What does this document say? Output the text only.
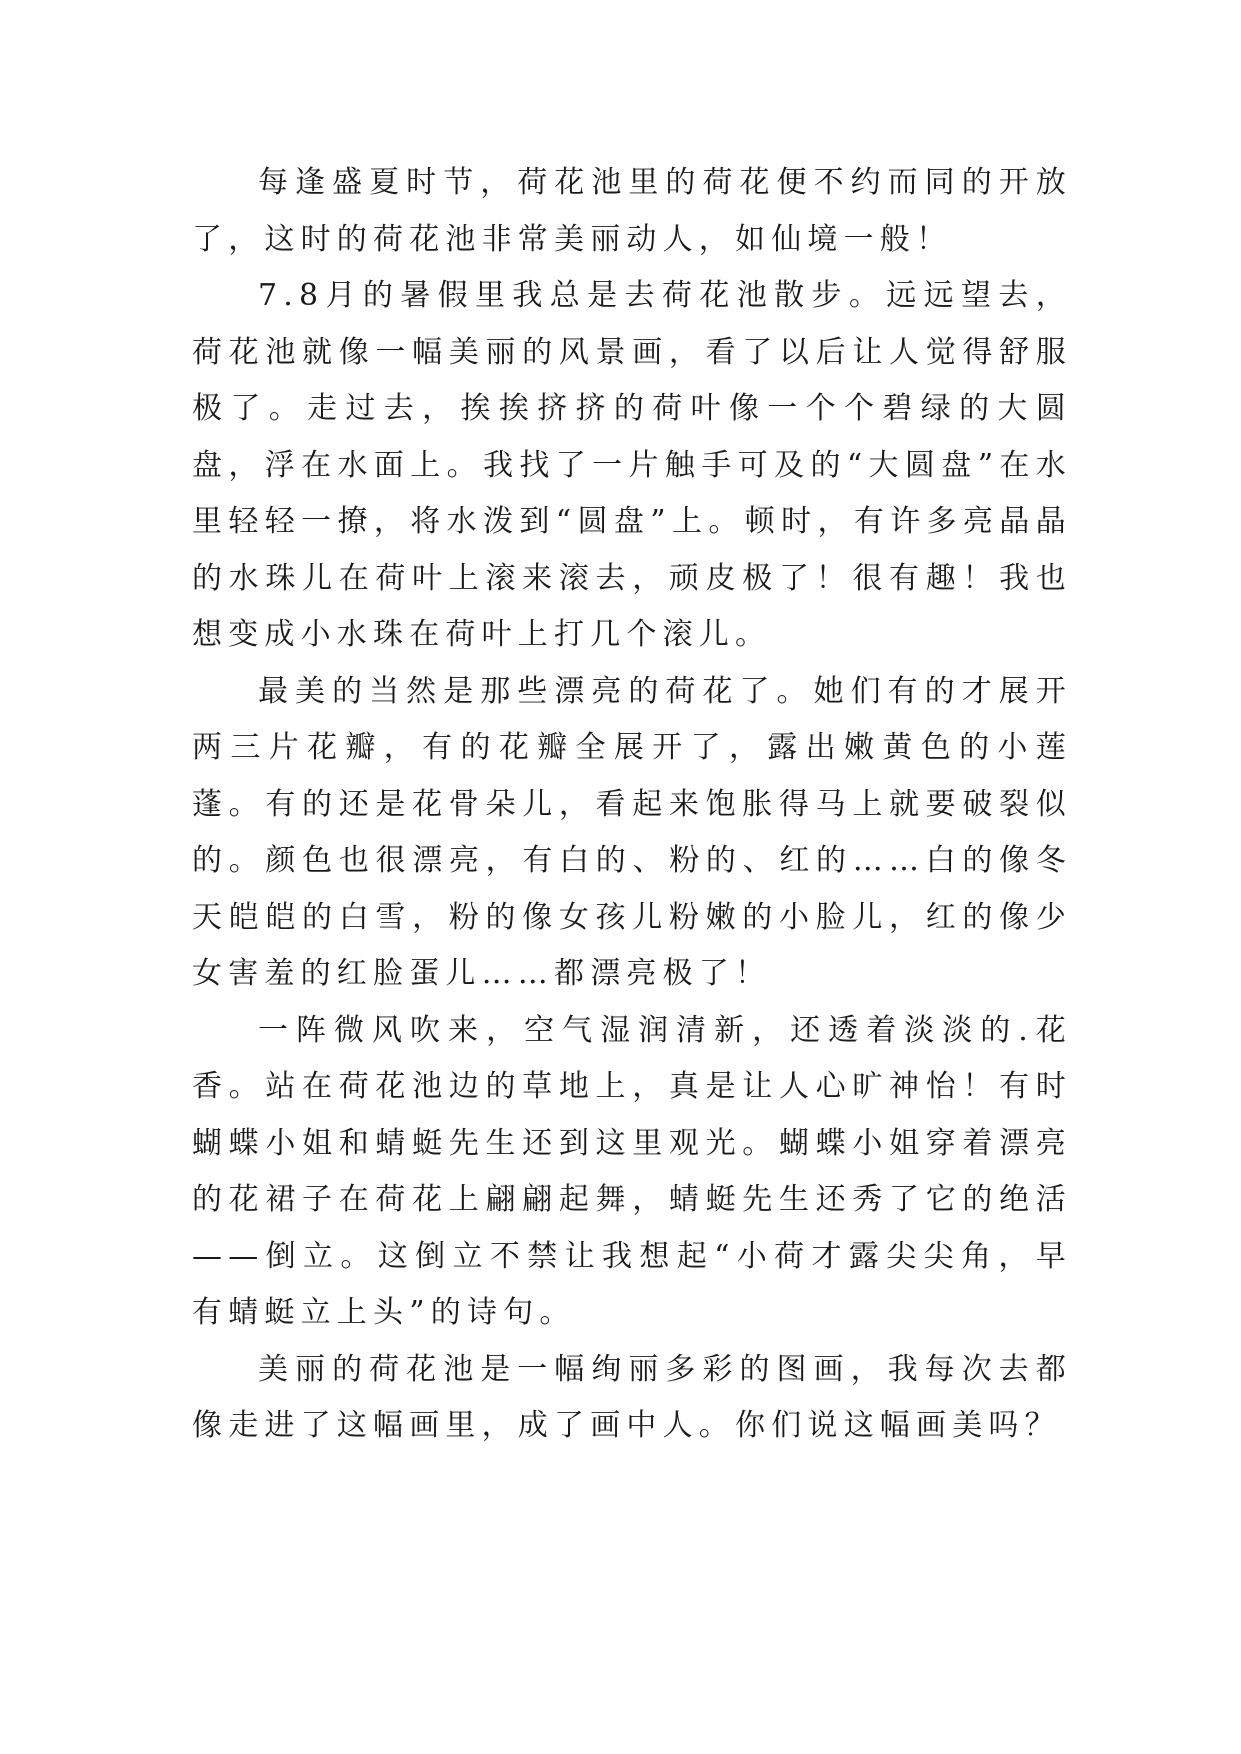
每逢盛夏时节，荷花池里的荷花便不约而同的开放了，这时的荷花池非常美丽动人，如仙境一般！

7.8月的暑假里我总是去荷花池散步。远远望去，荷花池就像一幅美丽的风景画，看了以后让人觉得舒服极了。走过去，挨挨挤挤的荷叶像一个个碧绿的大圆盘，浮在水面上。我找了一片触手可及的“大圆盘”在水里轻轻一撩，将水泼到“圆盘”上。顿时，有许多亮晶晶的水珠儿在荷叶上滚来滚去，顽皮极了！很有趣！我也想变成小水珠在荷叶上打几个滚儿。

最美的当然是那些漂亮的荷花了。她们有的才展开两三片花瓣，有的花瓣全展开了，露出嫩黄色的小莲蓬。有的还是花骨朵儿，看起来饱胀得马上就要破裂似的。颜色也很漂亮，有白的、粉的、红的……白的像冬天皑皑的白雪，粉的像女孩儿粉嫩的小脸儿，红的像少女害羞的红脸蛋儿……都漂亮极了！

一阵微风吹来，空气湿润清新，还透着淡淡的.花香。站在荷花池边的草地上，真是让人心旷神怡！有时蝴蝶小姐和蜻蜓先生还到这里观光。蝴蝶小姐穿着漂亮的花裙子在荷花上翩翩起舞，蜻蜓先生还秀了它的绝活——倒立。这倒立不禁让我想起“小荷才露尖尖角，早有蜻蜓立上头”的诗句。

美丽的荷花池是一幅绚丽多彩的图画，我每次去都像走进了这幅画里，成了画中人。你们说这幅画美吗？
